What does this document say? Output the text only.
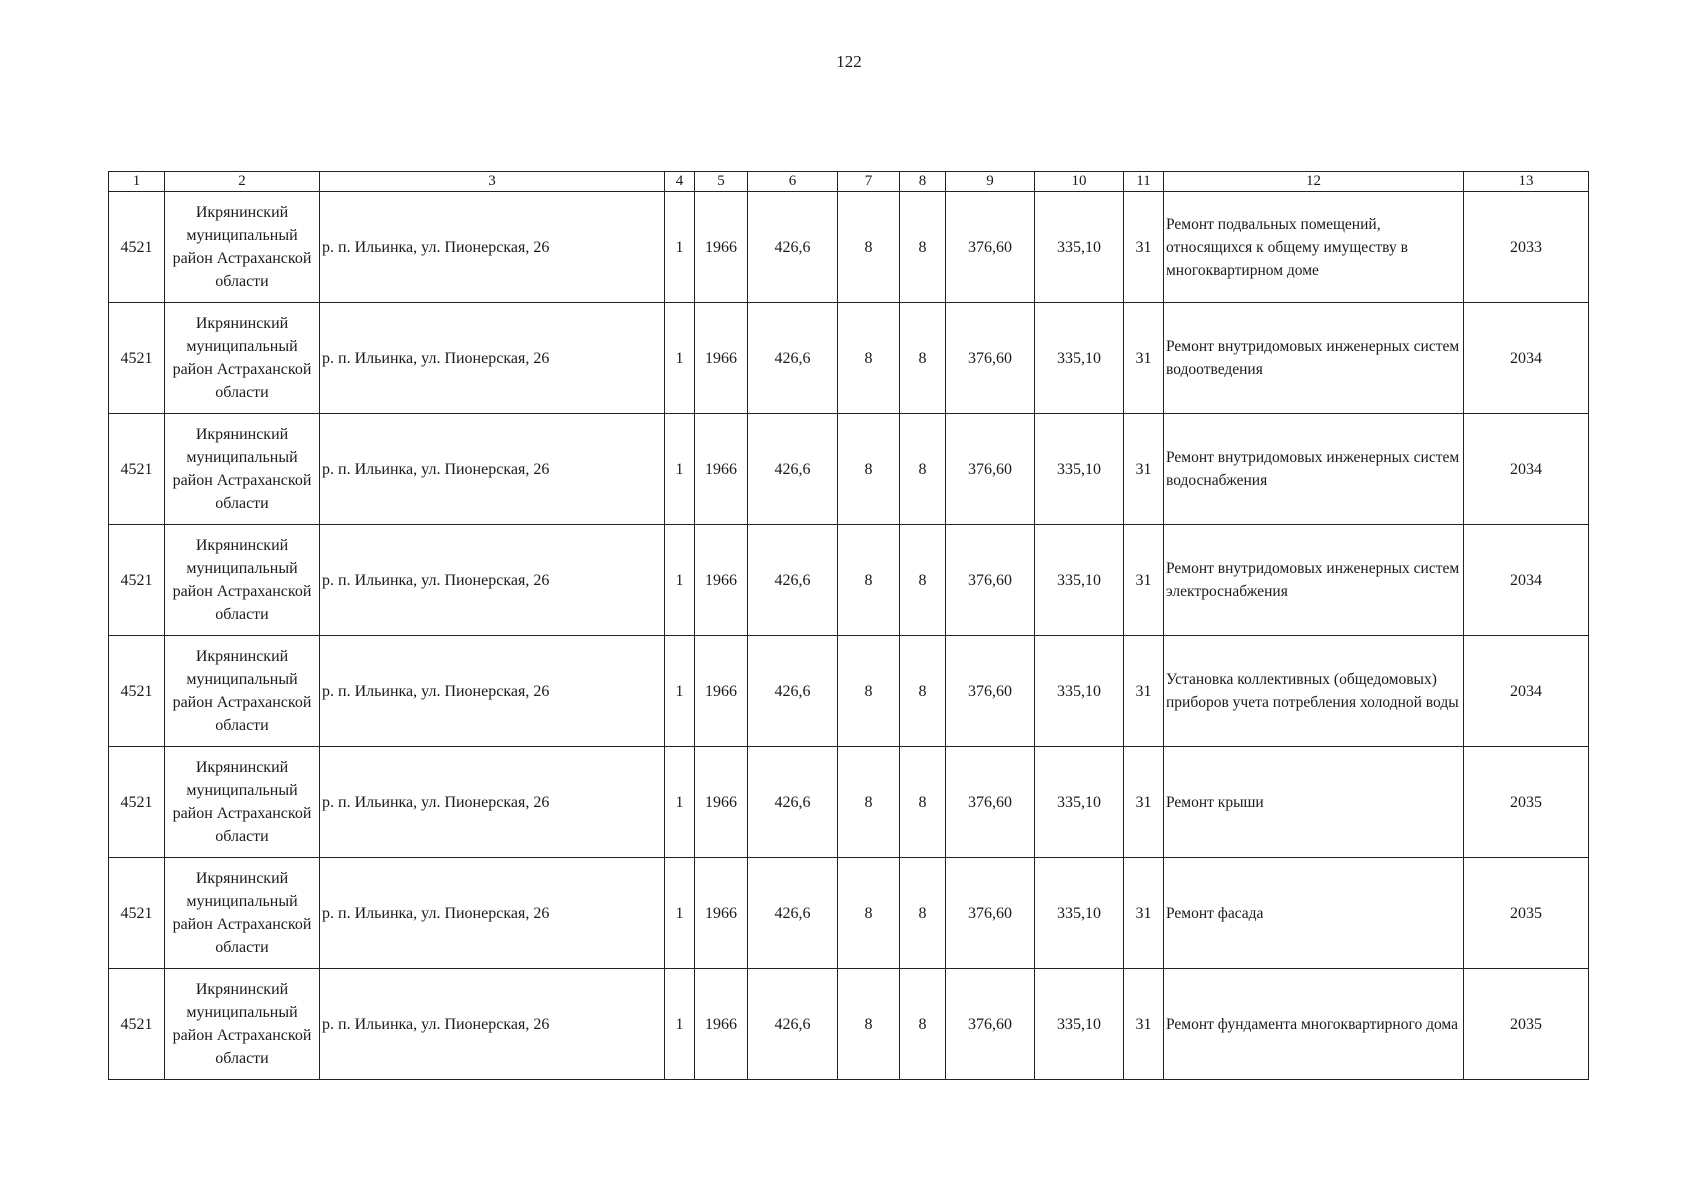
122
1	2	3	4	5	6	7	8	9	10	11	12	13
4521	Икрянинский муниципальный район Астраханской области	р. п. Ильинка, ул. Пионерская, 26	1	1966	426,6	8	8	376,60	335,10	31	Ремонт подвальных помещений, относящихся к общему имуществу в многоквартирном доме	2033
4521	Икрянинский муниципальный район Астраханской области	р. п. Ильинка, ул. Пионерская, 26	1	1966	426,6	8	8	376,60	335,10	31	Ремонт внутридомовых инженерных систем водоотведения	2034
4521	Икрянинский муниципальный район Астраханской области	р. п. Ильинка, ул. Пионерская, 26	1	1966	426,6	8	8	376,60	335,10	31	Ремонт внутридомовых инженерных систем водоснабжения	2034
4521	Икрянинский муниципальный район Астраханской области	р. п. Ильинка, ул. Пионерская, 26	1	1966	426,6	8	8	376,60	335,10	31	Ремонт внутридомовых инженерных систем электроснабжения	2034
4521	Икрянинский муниципальный район Астраханской области	р. п. Ильинка, ул. Пионерская, 26	1	1966	426,6	8	8	376,60	335,10	31	Установка коллективных (общедомовых) приборов учета потребления холодной воды	2034
4521	Икрянинский муниципальный район Астраханской области	р. п. Ильинка, ул. Пионерская, 26	1	1966	426,6	8	8	376,60	335,10	31	Ремонт крыши	2035
4521	Икрянинский муниципальный район Астраханской области	р. п. Ильинка, ул. Пионерская, 26	1	1966	426,6	8	8	376,60	335,10	31	Ремонт фасада	2035
4521	Икрянинский муниципальный район Астраханской области	р. п. Ильинка, ул. Пионерская, 26	1	1966	426,6	8	8	376,60	335,10	31	Ремонт фундамента многоквартирного дома	2035
